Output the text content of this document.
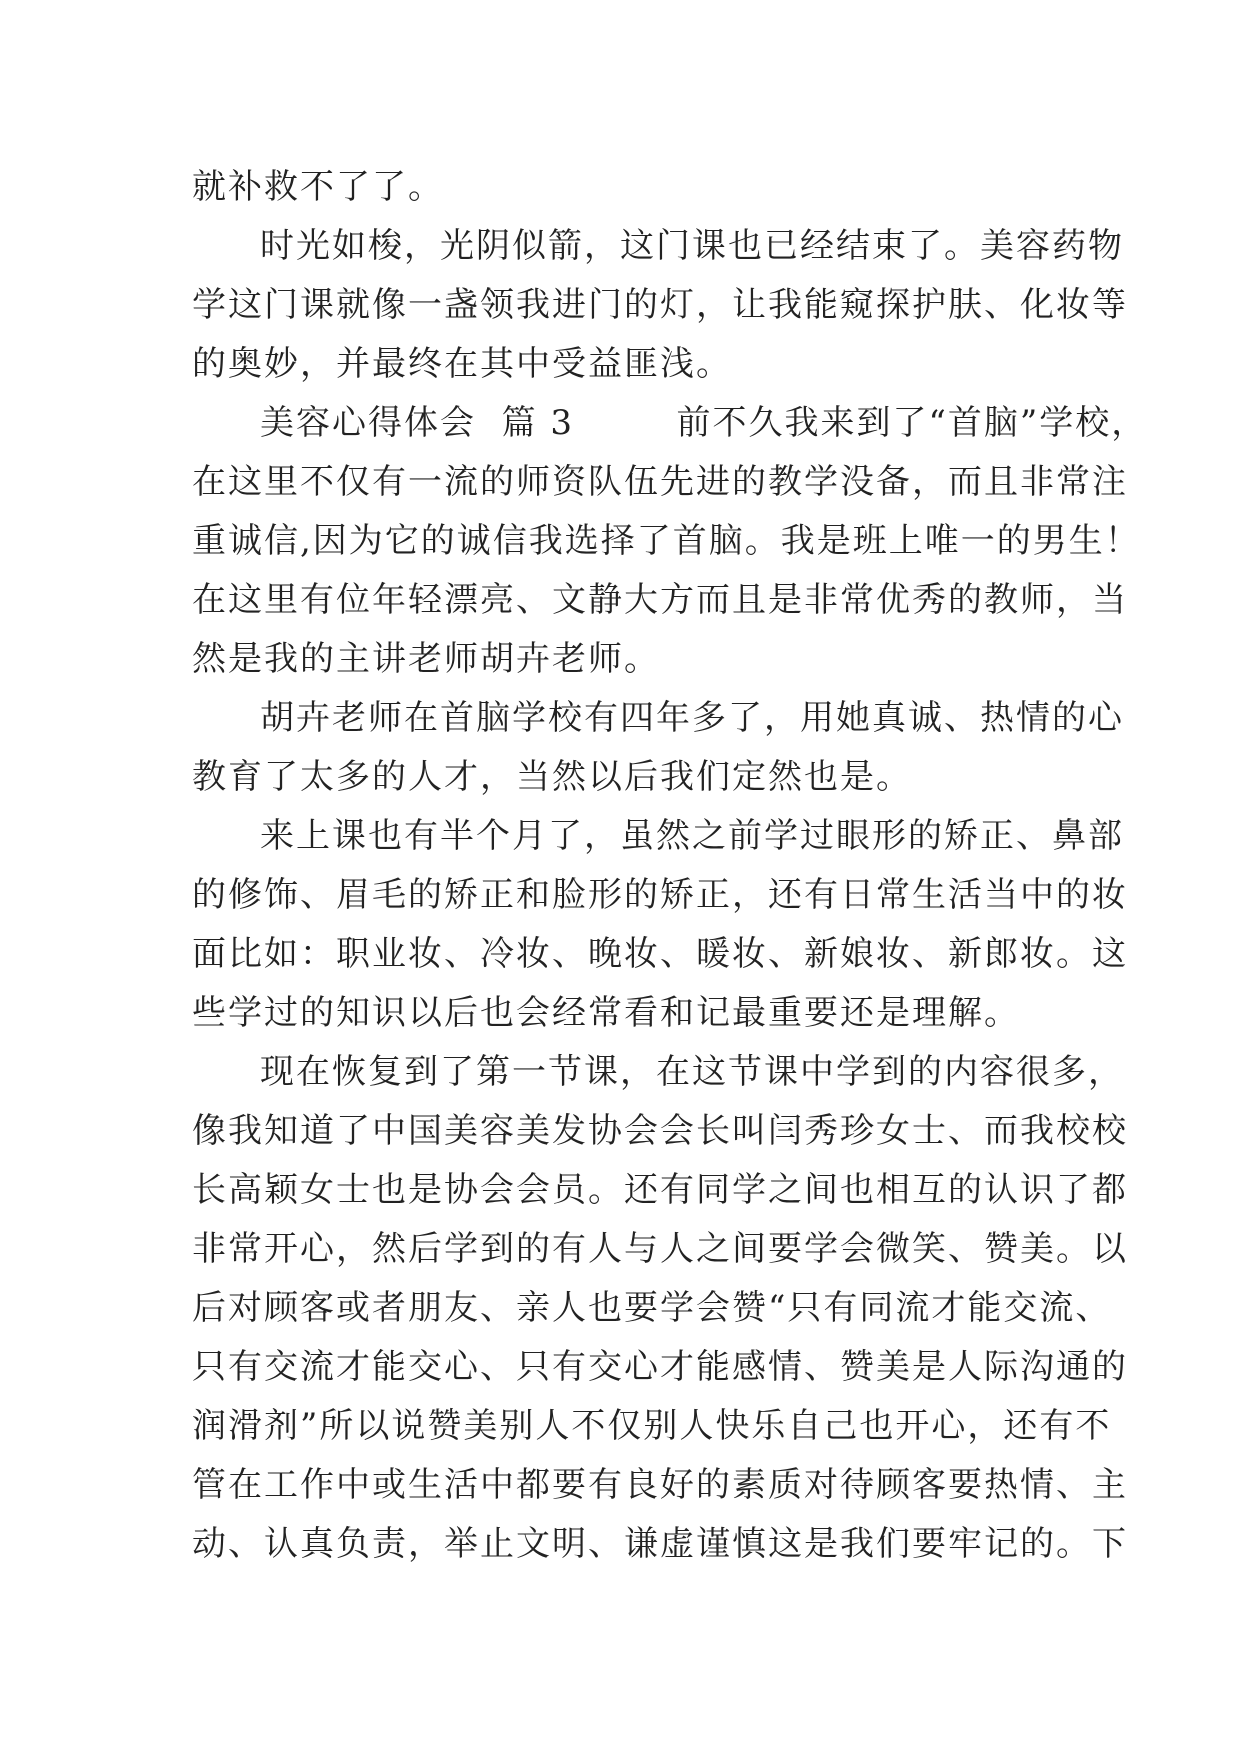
就补救不了了。

时光如梭，光阴似箭，这门课也已经结束了。美容药物

学这门课就像一盏领我进门的灯，让我能窥探护肤、化妆等

的奥妙，并最终在其中受益匪浅。

美容心得体会  篇 3        前不久我来到了“首脑”学校，

在这里不仅有一流的师资队伍先进的教学没备，而且非常注

重诚信,因为它的诚信我选择了首脑。我是班上唯一的男生！

在这里有位年轻漂亮、文静大方而且是非常优秀的教师，当

然是我的主讲老师胡卉老师。

胡卉老师在首脑学校有四年多了，用她真诚、热情的心

教育了太多的人才，当然以后我们定然也是。

来上课也有半个月了，虽然之前学过眼形的矫正、鼻部

的修饰、眉毛的矫正和脸形的矫正，还有日常生活当中的妆

面比如：职业妆、冷妆、晚妆、暖妆、新娘妆、新郎妆。这

些学过的知识以后也会经常看和记最重要还是理解。

现在恢复到了第一节课，在这节课中学到的内容很多，

像我知道了中国美容美发协会会长叫闫秀珍女士、而我校校

长高颖女士也是协会会员。还有同学之间也相互的认识了都

非常开心，然后学到的有人与人之间要学会微笑、赞美。以

后对顾客或者朋友、亲人也要学会赞“只有同流才能交流、

只有交流才能交心、只有交心才能感情、赞美是人际沟通的

润滑剂”所以说赞美别人不仅别人快乐自己也开心，还有不

管在工作中或生活中都要有良好的素质对待顾客要热情、主

动、认真负责，举止文明、谦虚谨慎这是我们要牢记的。下
